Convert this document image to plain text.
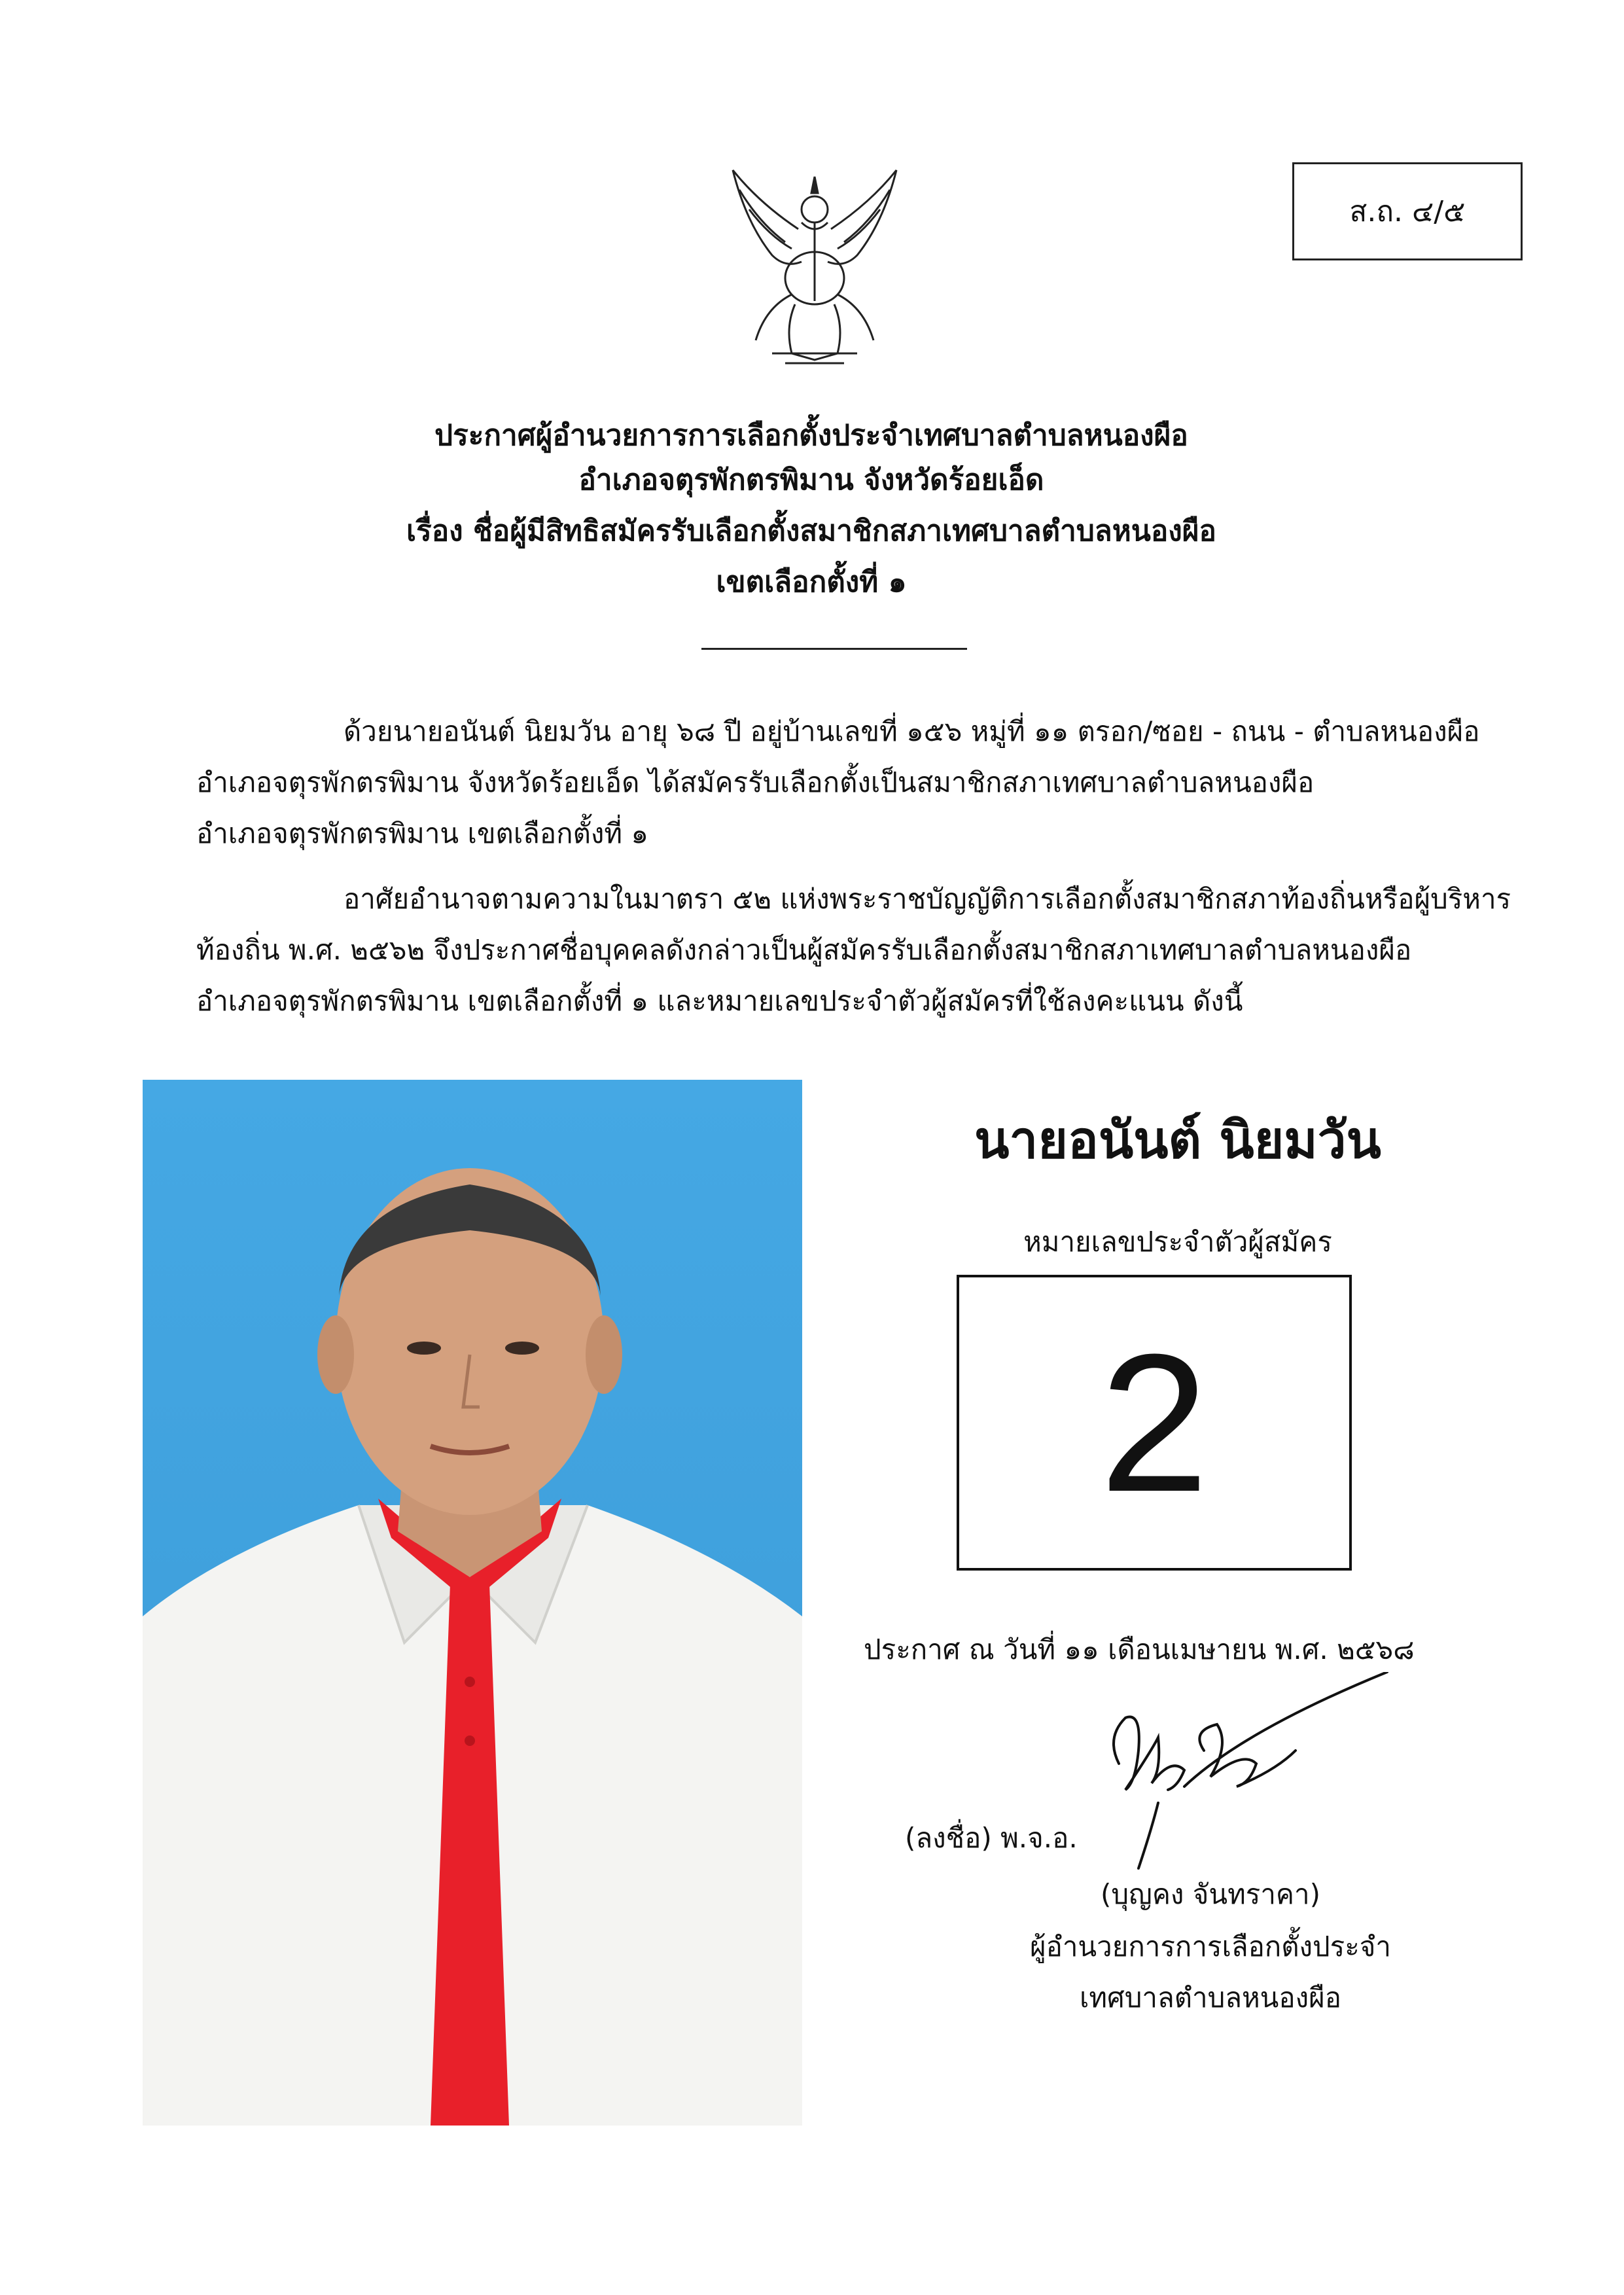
ส.ถ. ๔/๕
ประกาศผู้อำนวยการการเลือกตั้งประจำเทศบาลตำบลหนองผือ
อำเภอจตุรพักตรพิมาน จังหวัดร้อยเอ็ด
เรื่อง ชื่อผู้มีสิทธิสมัครรับเลือกตั้งสมาชิกสภาเทศบาลตำบลหนองผือ
เขตเลือกตั้งที่ ๑
ด้วยนายอนันต์ นิยมวัน อายุ ๖๘ ปี อยู่บ้านเลขที่ ๑๕๖ หมู่ที่ ๑๑ ตรอก/ซอย - ถนน - ตำบลหนองผือ
อำเภอจตุรพักตรพิมาน จังหวัดร้อยเอ็ด ได้สมัครรับเลือกตั้งเป็นสมาชิกสภาเทศบาลตำบลหนองผือ
อำเภอจตุรพักตรพิมาน เขตเลือกตั้งที่ ๑
อาศัยอำนาจตามความในมาตรา ๕๒ แห่งพระราชบัญญัติการเลือกตั้งสมาชิกสภาท้องถิ่นหรือผู้บริหาร
ท้องถิ่น พ.ศ. ๒๕๖๒ จึงประกาศชื่อบุคคลดังกล่าวเป็นผู้สมัครรับเลือกตั้งสมาชิกสภาเทศบาลตำบลหนองผือ
อำเภอจตุรพักตรพิมาน เขตเลือกตั้งที่ ๑ และหมายเลขประจำตัวผู้สมัครที่ใช้ลงคะแนน ดังนี้
นายอนันต์ นิยมวัน
หมายเลขประจำตัวผู้สมัคร
2
ประกาศ ณ วันที่ ๑๑ เดือนเมษายน พ.ศ. ๒๕๖๘
(ลงชื่อ) พ.จ.อ.
(บุญคง จันทราคา)
ผู้อำนวยการการเลือกตั้งประจำ
เทศบาลตำบลหนองผือ
